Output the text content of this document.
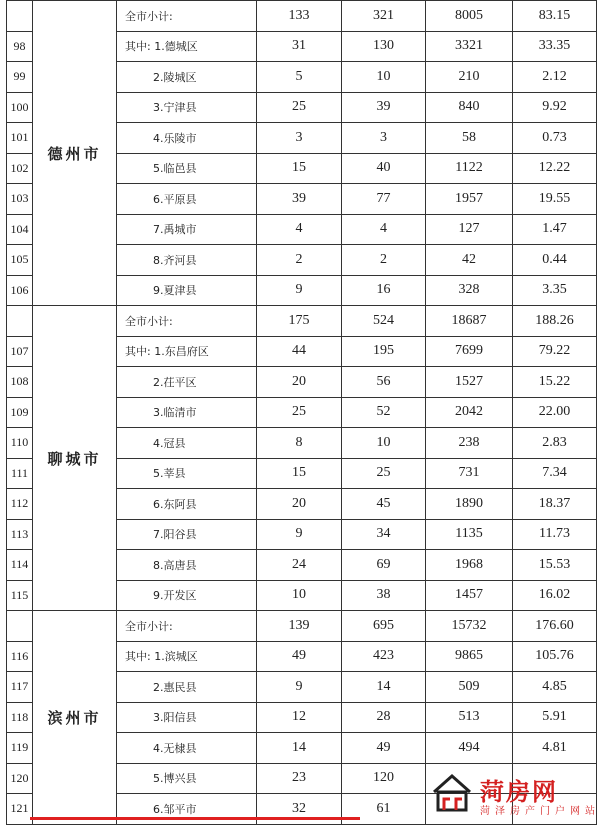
	德州市	全市小计:	133	321	8005	83.15
98		其中: 1.德城区	31	130	3321	33.35
99		2.陵城区	5	10	210	2.12
100		3.宁津县	25	39	840	9.92
101		4.乐陵市	3	3	58	0.73
102		5.临邑县	15	40	1122	12.22
103		6.平原县	39	77	1957	19.55
104		7.禹城市	4	4	127	1.47
105		8.齐河县	2	2	42	0.44
106		9.夏津县	9	16	328	3.35
	聊城市	全市小计:	175	524	18687	188.26
107		其中: 1.东昌府区	44	195	7699	79.22
108		2.茌平区	20	56	1527	15.22
109		3.临清市	25	52	2042	22.00
110		4.冠县	8	10	238	2.83
111		5.莘县	15	25	731	7.34
112		6.东阿县	20	45	1890	18.37
113		7.阳谷县	9	34	1135	11.73
114		8.高唐县	24	69	1968	15.53
115		9.开发区	10	38	1457	16.02
	滨州市	全市小计:	139	695	15732	176.60
116		其中: 1.滨城区	49	423	9865	105.76
117		2.惠民县	9	14	509	4.85
118		3.阳信县	12	28	513	5.91
119		4.无棣县	14	49	494	4.81
120		5.博兴县	23	120		
121		6.邹平市	32	61		
菏房网
菏泽房产门户网站
